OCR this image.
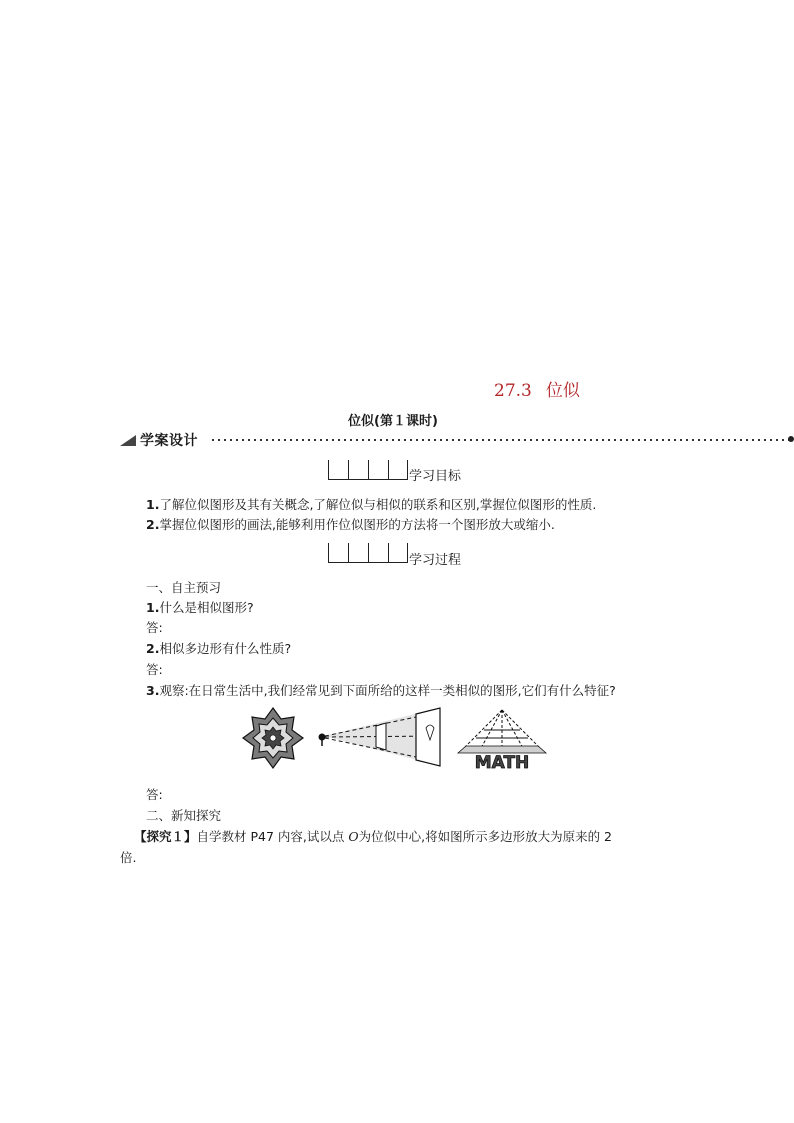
27.3 位似
位似(第１课时)
学案设计
学习目标
1.了解位似图形及其有关概念,了解位似与相似的联系和区别,掌握位似图形的性质.
2.掌握位似图形的画法,能够利用作位似图形的方法将一个图形放大或缩小.
学习过程
一、自主预习
1.什么是相似图形?
答:
2.相似多边形有什么性质?
答:
3.观察:在日常生活中,我们经常见到下面所给的这样一类相似的图形,它们有什么特征?
MATH
答:
二、新知探究
【探究１】自学教材 P47 内容,试以点 O为位似中心,将如图所示多边形放大为原来的 2
倍.
